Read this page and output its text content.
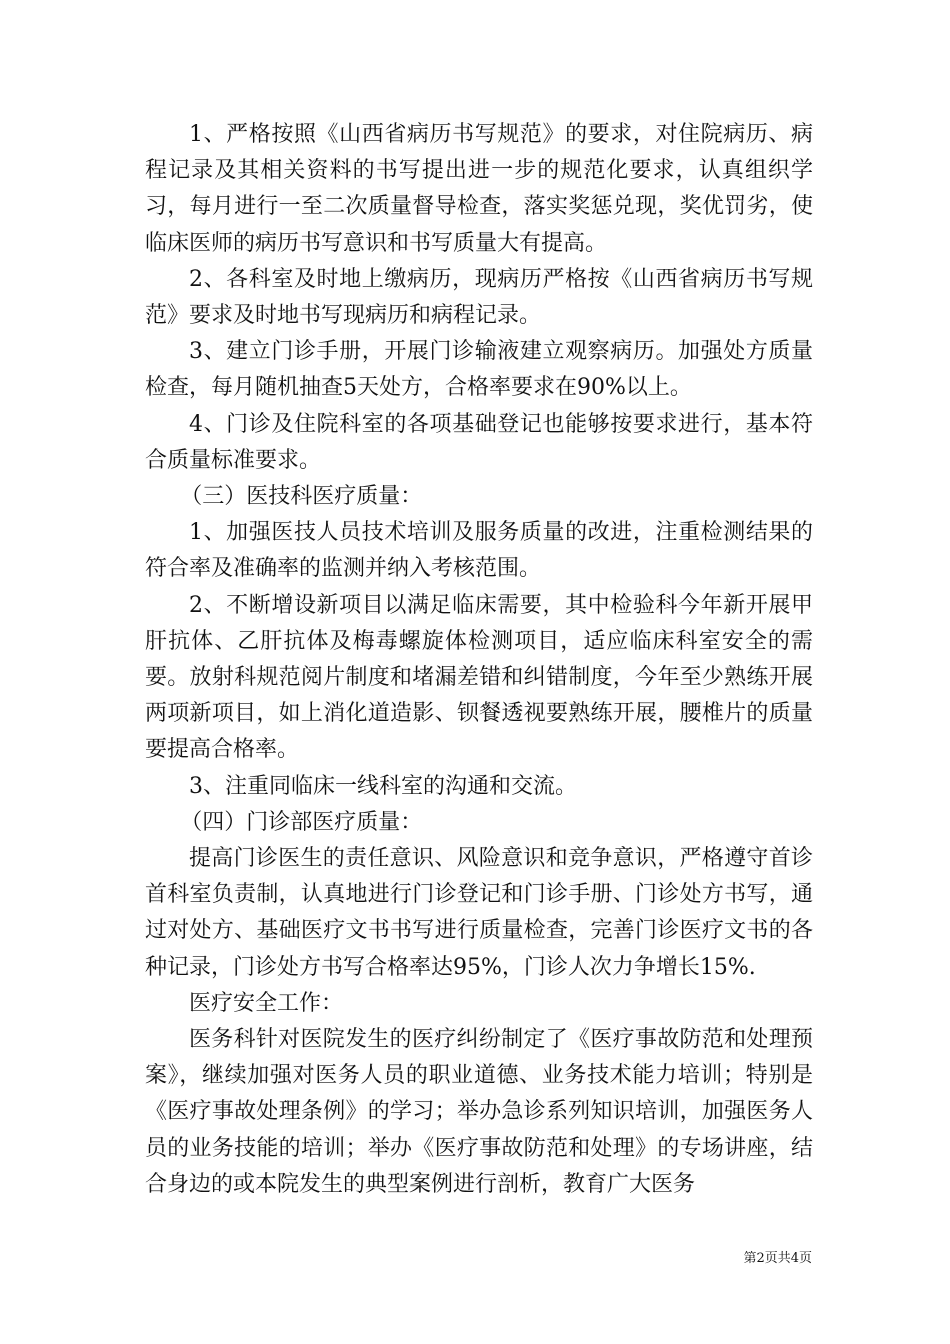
1、严格按照《山西省病历书写规范》的要求，对住院病历、病程记录及其相关资料的书写提出进一步的规范化要求，认真组织学习，每月进行一至二次质量督导检查，落实奖惩兑现，奖优罚劣，使临床医师的病历书写意识和书写质量大有提高。

2、各科室及时地上缴病历，现病历严格按《山西省病历书写规范》要求及时地书写现病历和病程记录。

3、建立门诊手册，开展门诊输液建立观察病历。加强处方质量检查，每月随机抽查5天处方，合格率要求在90%以上。

4、门诊及住院科室的各项基础登记也能够按要求进行，基本符合质量标准要求。

（三）医技科医疗质量：

1、加强医技人员技术培训及服务质量的改进，注重检测结果的符合率及准确率的监测并纳入考核范围。

2、不断增设新项目以满足临床需要，其中检验科今年新开展甲肝抗体、乙肝抗体及梅毒螺旋体检测项目，适应临床科室安全的需要。放射科规范阅片制度和堵漏差错和纠错制度，今年至少熟练开展两项新项目，如上消化道造影、钡餐透视要熟练开展，腰椎片的质量要提高合格率。

3、注重同临床一线科室的沟通和交流。

（四）门诊部医疗质量：

提高门诊医生的责任意识、风险意识和竞争意识，严格遵守首诊首科室负责制，认真地进行门诊登记和门诊手册、门诊处方书写，通过对处方、基础医疗文书书写进行质量检查，完善门诊医疗文书的各种记录，门诊处方书写合格率达95%，门诊人次力争增长15%.

医疗安全工作：

医务科针对医院发生的医疗纠纷制定了《医疗事故防范和处理预案》，继续加强对医务人员的职业道德、业务技术能力培训；特别是《医疗事故处理条例》的学习；举办急诊系列知识培训，加强医务人员的业务技能的培训；举办《医疗事故防范和处理》的专场讲座，结合身边的或本院发生的典型案例进行剖析，教育广大医务

第2页共4页
